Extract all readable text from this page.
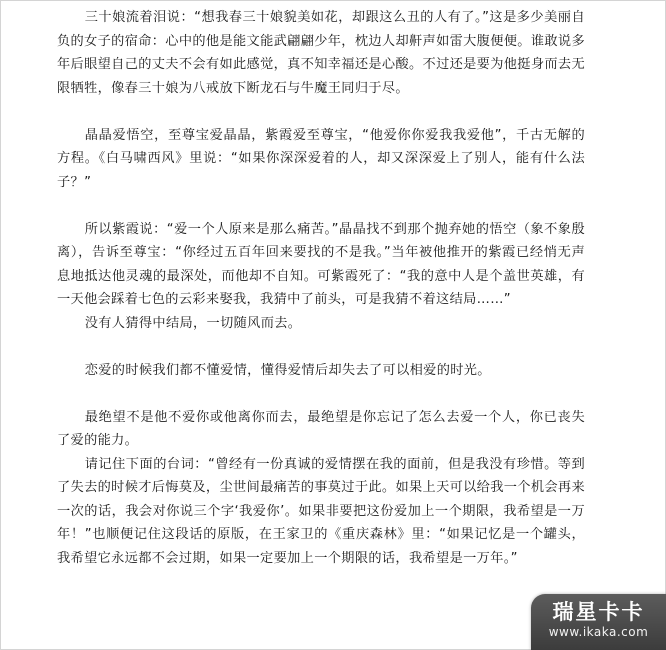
三十娘流着泪说：“想我春三十娘貌美如花，却跟这么丑的人有了。”这是多少美丽自负的女子的宿命：心中的他是能文能武翩翩少年，枕边人却鼾声如雷大腹便便。谁敢说多年后眼望自己的丈夫不会有如此感觉，真不知幸福还是心酸。不过还是要为他挺身而去无限牺牲，像春三十娘为八戒放下断龙石与牛魔王同归于尽。

晶晶爱悟空，至尊宝爱晶晶，紫霞爱至尊宝，“他爱你你爱我我爱他”，千古无解的方程。《白马啸西风》里说：“如果你深深爱着的人，却又深深爱上了别人，能有什么法子？”

所以紫霞说：“爱一个人原来是那么痛苦。”晶晶找不到那个抛弃她的悟空（象不象殷离），告诉至尊宝：“你经过五百年回来要找的不是我。”当年被他推开的紫霞已经悄无声息地抵达他灵魂的最深处，而他却不自知。可紫霞死了：“我的意中人是个盖世英雄，有一天他会踩着七色的云彩来娶我，我猜中了前头，可是我猜不着这结局……”

没有人猜得中结局，一切随风而去。

恋爱的时候我们都不懂爱情，懂得爱情后却失去了可以相爱的时光。

最绝望不是他不爱你或他离你而去，最绝望是你忘记了怎么去爱一个人，你已丧失了爱的能力。

请记住下面的台词：“曾经有一份真诚的爱情摆在我的面前，但是我没有珍惜。等到了失去的时候才后悔莫及，尘世间最痛苦的事莫过于此。如果上天可以给我一个机会再来一次的话，我会对你说三个字‘我爱你’。如果非要把这份爱加上一个期限，我希望是一万年！”也顺便记住这段话的原版，在王家卫的《重庆森林》里：“如果记忆是一个罐头，我希望它永远都不会过期，如果一定要加上一个期限的话，我希望是一万年。”

瑞星卡卡
www.ikaka.com
